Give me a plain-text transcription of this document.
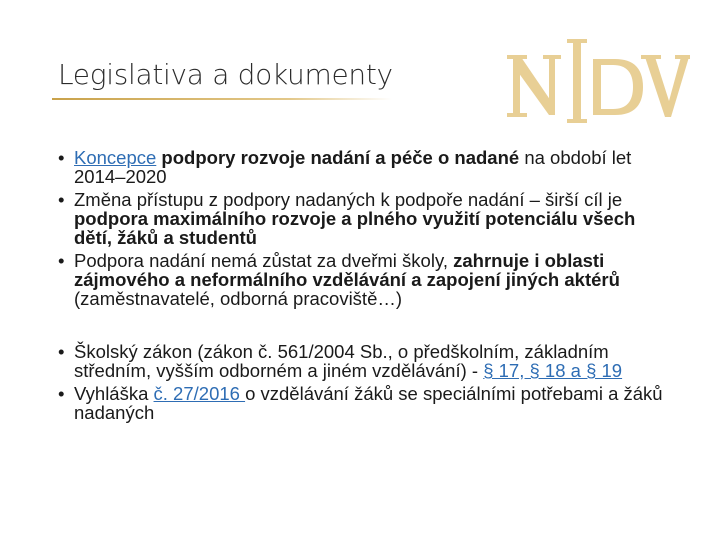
Legislativa a dokumenty
• Koncepce podpory rozvoje nadání a péče o nadané na období let 2014–2020
• Změna přístupu z podpory nadaných k podpoře nadání – širší cíl je podpora maximálního rozvoje a plného využití potenciálu všech dětí, žáků a studentů
• Podpora nadání nemá zůstat za dveřmi školy, zahrnuje i oblasti zájmového a neformálního vzdělávání a zapojení jiných aktérů (zaměstnavatelé, odborná pracoviště…)
• Školský zákon (zákon č. 561/2004 Sb., o předškolním, základním středním, vyšším odborném a jiném vzdělávání) - § 17, § 18 a § 19
• Vyhláška č. 27/2016 o vzdělávání žáků se speciálními potřebami a žáků nadaných
